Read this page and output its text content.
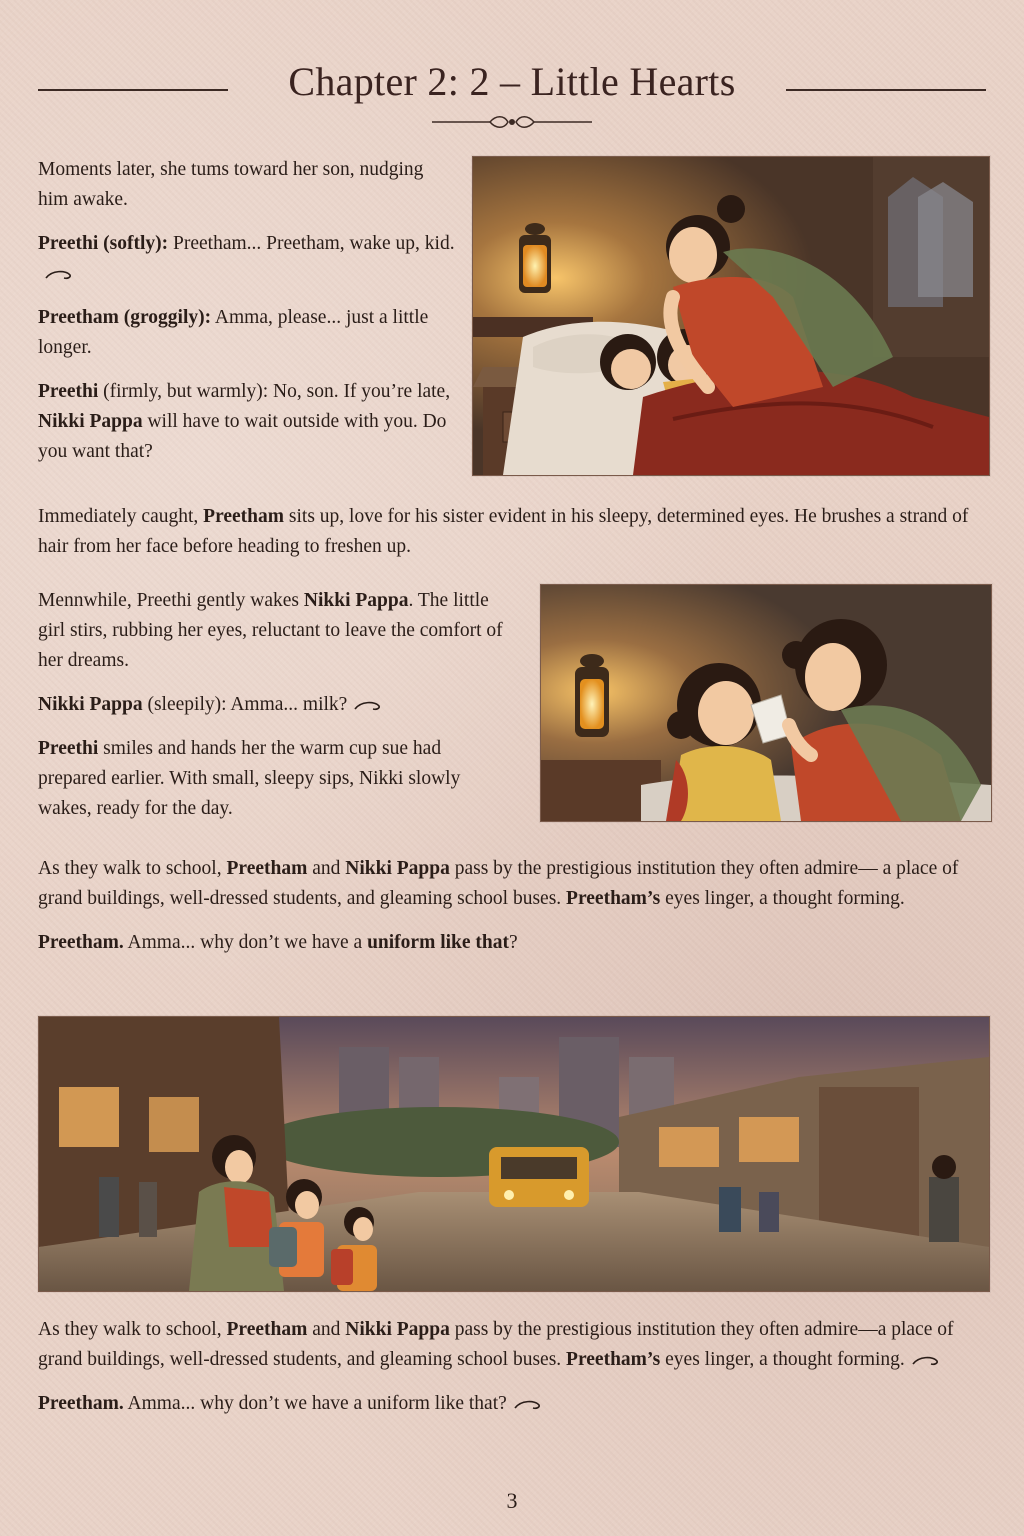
Chapter 2: 2 – Little Hearts

Moments later, she tums toward her son, nudging him awake.

Preethi (softly): Preetham... Preetham, wake up, kid.

Preetham (groggily): Amma, please... just a little longer.

Preethi (firmly, but warmly): No, son. If you’re late, Nikki Pappa will have to wait outside with you. Do you want that?

Immediately caught, Preetham sits up, love for his sister evident in his sleepy, determined eyes. He brushes a strand of hair from her face before heading to freshen up.

Mennwhile, Preethi gently wakes Nikki Pappa. The little girl stirs, rubbing her eyes, reluctant to leave the comfort of her dreams.

Nikki Pappa (sleepily): Amma... milk?

Preethi smiles and hands her the warm cup sue had prepared earlier. With small, sleepy sips, Nikki slowly wakes, ready for the day.

As they walk to school, Preetham and Nikki Pappa pass by the prestigious institution they often admire— a place of grand buildings, well-dressed students, and gleaming school buses. Preetham’s eyes linger, a thought forming.

Preetham. Amma... why don’t we have a uniform like that?

As they walk to school, Preetham and Nikki Pappa pass by the prestigious institution they often admire—a place of grand buildings, well-dressed students, and gleaming school buses. Preetham’s eyes linger, a thought forming.

Preetham. Amma... why don’t we have a uniform like that?

3
